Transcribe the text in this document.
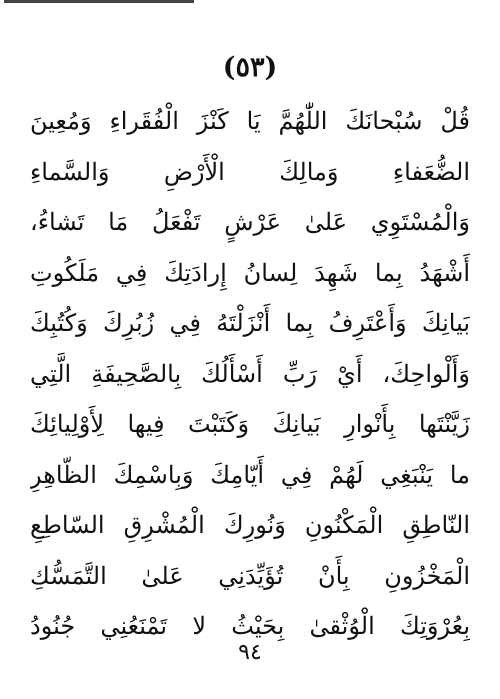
(٥٣)
قُلْ سُبْحانَكَ اللّٰهُمَّ يَا كَنْزَ الْفُقَراءِ وَمُعِينَ
الضُّعَفاءِ وَمالِكَ الْأَرْضِ وَالسَّماءِ
وَالْمُسْتَوِي عَلىٰ عَرْشٍ تَفْعَلُ مَا تَشاءُ،
أَشْهَدُ بِما شَهِدَ لِسانُ إِرادَتِكَ فِي مَلَكُوتِ
بَيانِكَ وَأَعْتَرِفُ بِما أَنْزَلْتَهُ فِي زُبُرِكَ وَكُتُبِكَ
وَأَلْواحِكَ، أَيْ رَبِّ أَسْأَلُكَ بِالصَّحِيفَةِ الَّتِي
زَيَّنْتَها بِأَنْوارِ بَيانِكَ وَكَتَبْتَ فِيها لِأَوْلِيائِكَ
ما يَنْبَغِي لَهُمْ فِي أَيّامِكَ وَبِاسْمِكَ الظّاهِرِ
النّاطِقِ الْمَكْنُونِ وَنُورِكَ الْمُشْرِقِ السّاطِعِ
الْمَخْزُونِ بِأَنْ تُؤَيِّدَنِي عَلىٰ التَّمَسُّكِ
بِعُرْوَتِكَ الْوُثْقىٰ بِحَيْثُ لا تَمْنَعُنِي جُنُودُ
٩٤
